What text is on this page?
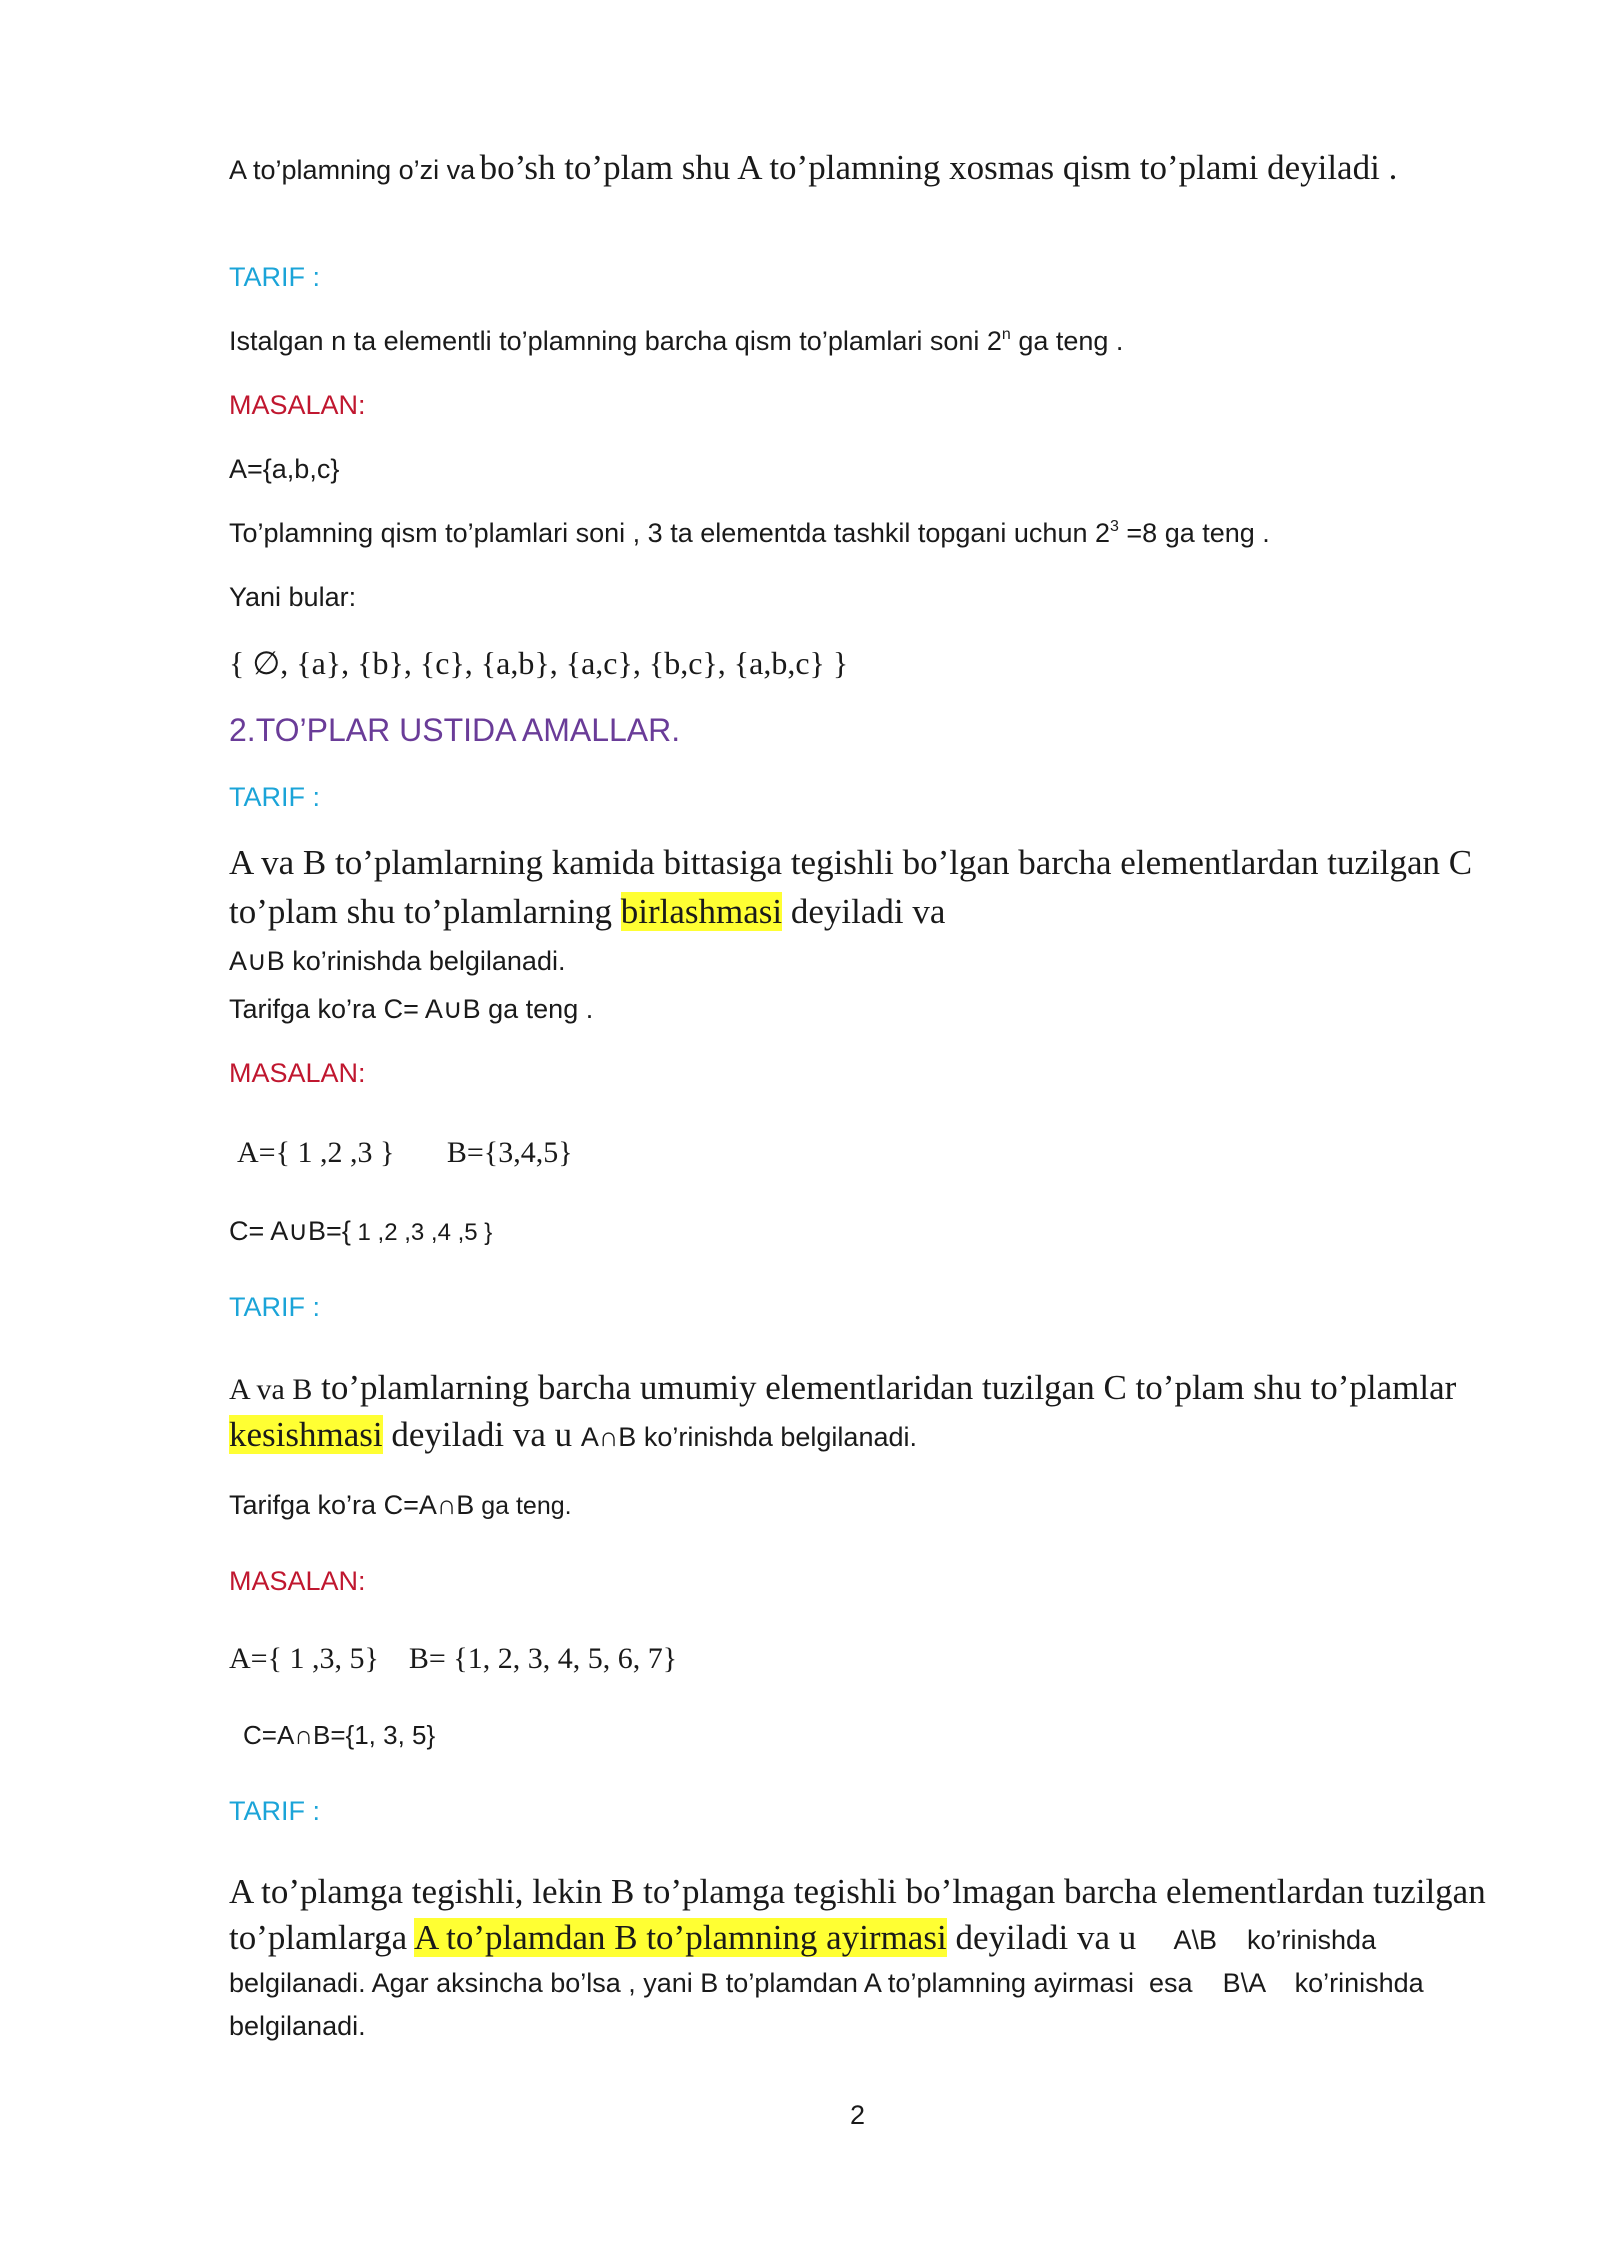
A to’plamning o’zi va bo’sh to’plam shu A to’plamning xosmas qism to’plami deyiladi .

TARIF :

Istalgan n ta elementli to’plamning barcha qism to’plamlari soni 2$^n$ ga teng .

MASALAN:

A={a,b,c}

To’plamning qism to’plamlari soni , 3 ta elementda tashkil topgani uchun $2^3 =8$ ga teng .

Yani bular:

{ ∅, {a}, {b}, {c}, {a,b}, {a,c}, {b,c}, {a,b,c} }

2.TO’PLAR USTIDA AMALLAR.

TARIF :

A va B to’plamlarning kamida bittasiga tegishli bo’lgan barcha elementlardan tuzilgan C to’plam shu to’plamlarning birlashmasi deyiladi va
A∪B ko’rinishda belgilanadi.

Tarifga ko’ra C= A∪B ga teng .

MASALAN:

A={ 1 ,2 ,3 }       B={3,4,5}

C= A∪B={ 1 ,2 ,3 ,4 ,5 }

TARIF :

A va B to’plamlarning barcha umumiy elementlaridan tuzilgan C to’plam shu to’plamlar kesishmasi deyiladi va u A∩B ko’rinishda belgilanadi.

Tarifga ko’ra C=A∩B ga teng.

MASALAN:

A={ 1 ,3, 5}    B= {1, 2, 3, 4, 5, 6, 7}

C=A∩B={1, 3, 5}

TARIF :

A to’plamga tegishli, lekin B to’plamga tegishli bo’lmagan barcha elementlardan tuzilgan to’plamlarga A to’plamdan B to’plamning ayirmasi deyiladi va u     A\B    ko’rinishda belgilanadi. Agar aksincha bo’lsa , yani B to’plamdan A to’plamning ayirmasi  esa    B\A    ko’rinishda belgilanadi.

2
